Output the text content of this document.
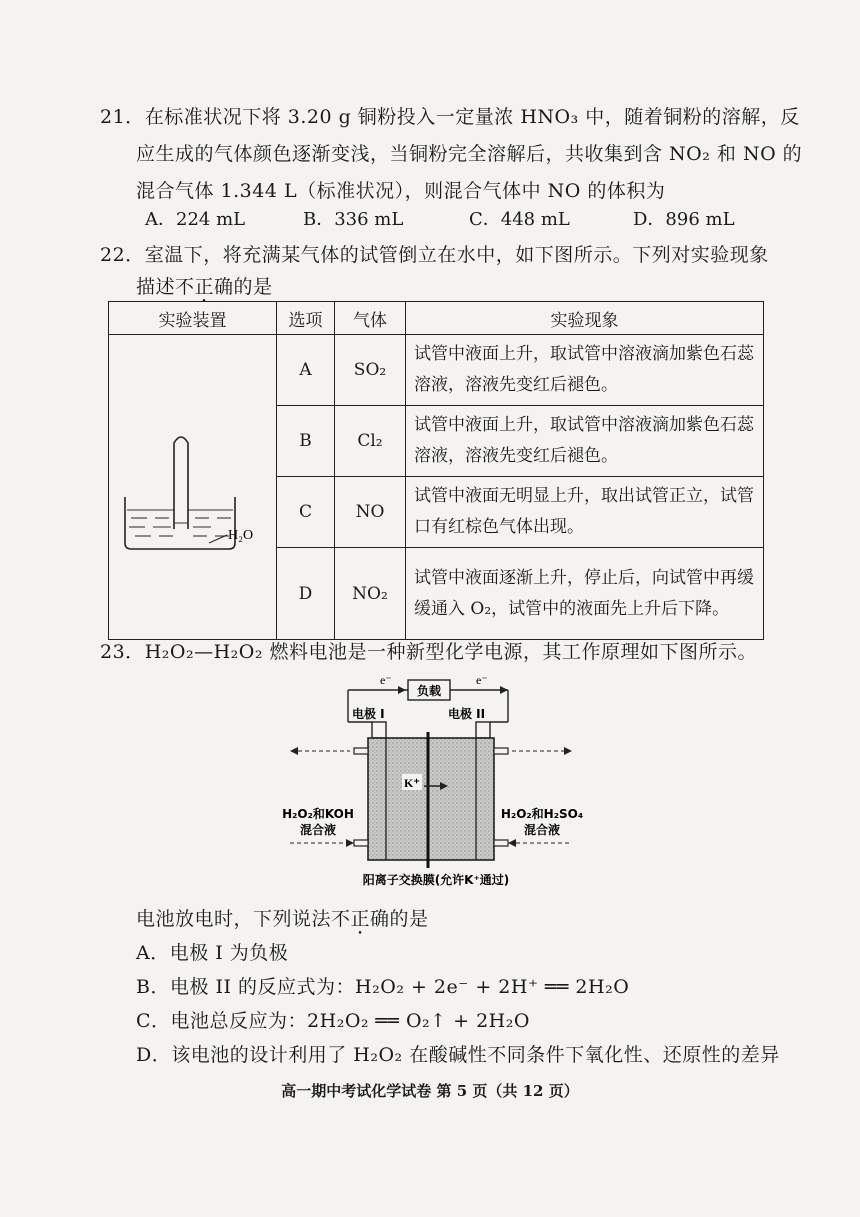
21．在标准状况下将 3.20 g 铜粉投入一定量浓 HNO₃ 中，随着铜粉的溶解，反
应生成的气体颜色逐渐变浅，当铜粉完全溶解后，共收集到含 NO₂ 和 NO 的
混合气体 1.344 L（标准状况），则混合气体中 NO 的体积为
A．224 mL	B．336 mL	C．448 mL	D．896 mL
22．室温下，将充满某气体的试管倒立在水中，如下图所示。下列对实验现象
描述不正确的是
实验装置	选项	气体	实验现象

H₂O	A	SO₂	试管中液面上升，取试管中溶液滴加紫色石蕊溶液，溶液先变红后褪色。
	B	Cl₂	试管中液面上升，取试管中溶液滴加紫色石蕊溶液，溶液先变红后褪色。
	C	NO	试管中液面无明显上升，取出试管正立，试管口有红棕色气体出现。
	D	NO₂	试管中液面逐渐上升，停止后，向试管中再缓缓通入 O₂，试管中的液面先上升后下降。
23．H₂O₂—H₂O₂ 燃料电池是一种新型化学电源，其工作原理如下图所示。
负载
e⁻	e⁻
电极 I	电极 II
K⁺
H₂O₂和KOH
混合液
H₂O₂和H₂SO₄
混合液
阳离子交换膜(允许K⁺通过)
电池放电时，下列说法不正确的是
A．电极 I 为负极
B．电极 II 的反应式为：H₂O₂ + 2e⁻ + 2H⁺ ══ 2H₂O
C．电池总反应为：2H₂O₂ ══ O₂↑ + 2H₂O
D．该电池的设计利用了 H₂O₂ 在酸碱性不同条件下氧化性、还原性的差异
高一期中考试化学试卷 第 5 页（共 12 页）
